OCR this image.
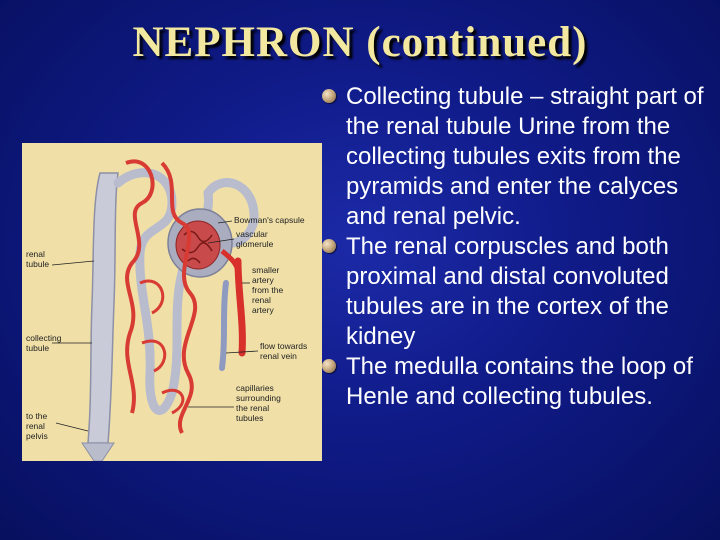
NEPHRON (continued)
Bowman's capsule
vascular glomerule
smaller artery from the renal artery
renal tubule
collecting tubule	flow towards renal vein
capillaries surrounding the renal tubules
to the renal pelvis
Collecting tubule – straight part of the renal tubule Urine from the collecting tubules exits from the pyramids and enter the calyces and renal pelvic.
The renal corpuscles and both proximal and distal convoluted tubules are in the cortex of the kidney
The medulla contains the loop of Henle and collecting tubules.
